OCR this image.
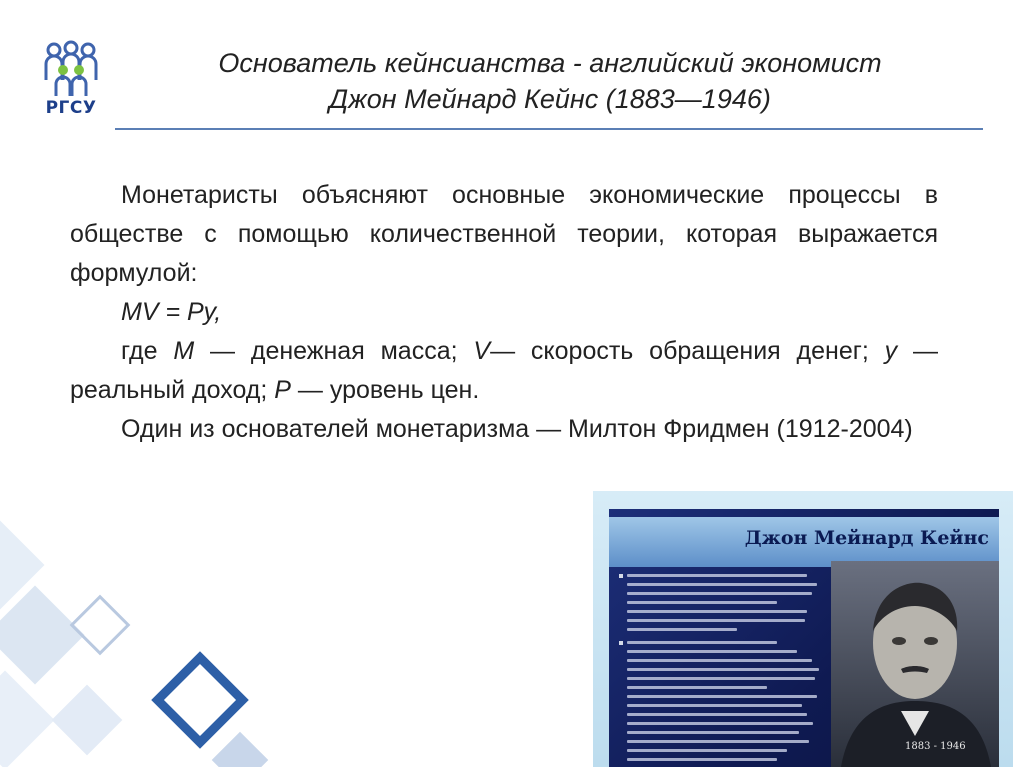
РГСУ
Основатель кейнсианства - английский экономист
Джон Мейнард Кейнс (1883—1946)

Монетаристы объясняют основные экономические процессы в обществе с помощью количественной теории, которая выражается формулой:

MV = Py,

где M — денежная масса; V— скорость обращения денег; y — реальный доход; P — уровень цен.

Один из основателей монетаризма — Милтон Фридмен (1912-2004)

Джон Мейнард Кейнс
1883 - 1946
